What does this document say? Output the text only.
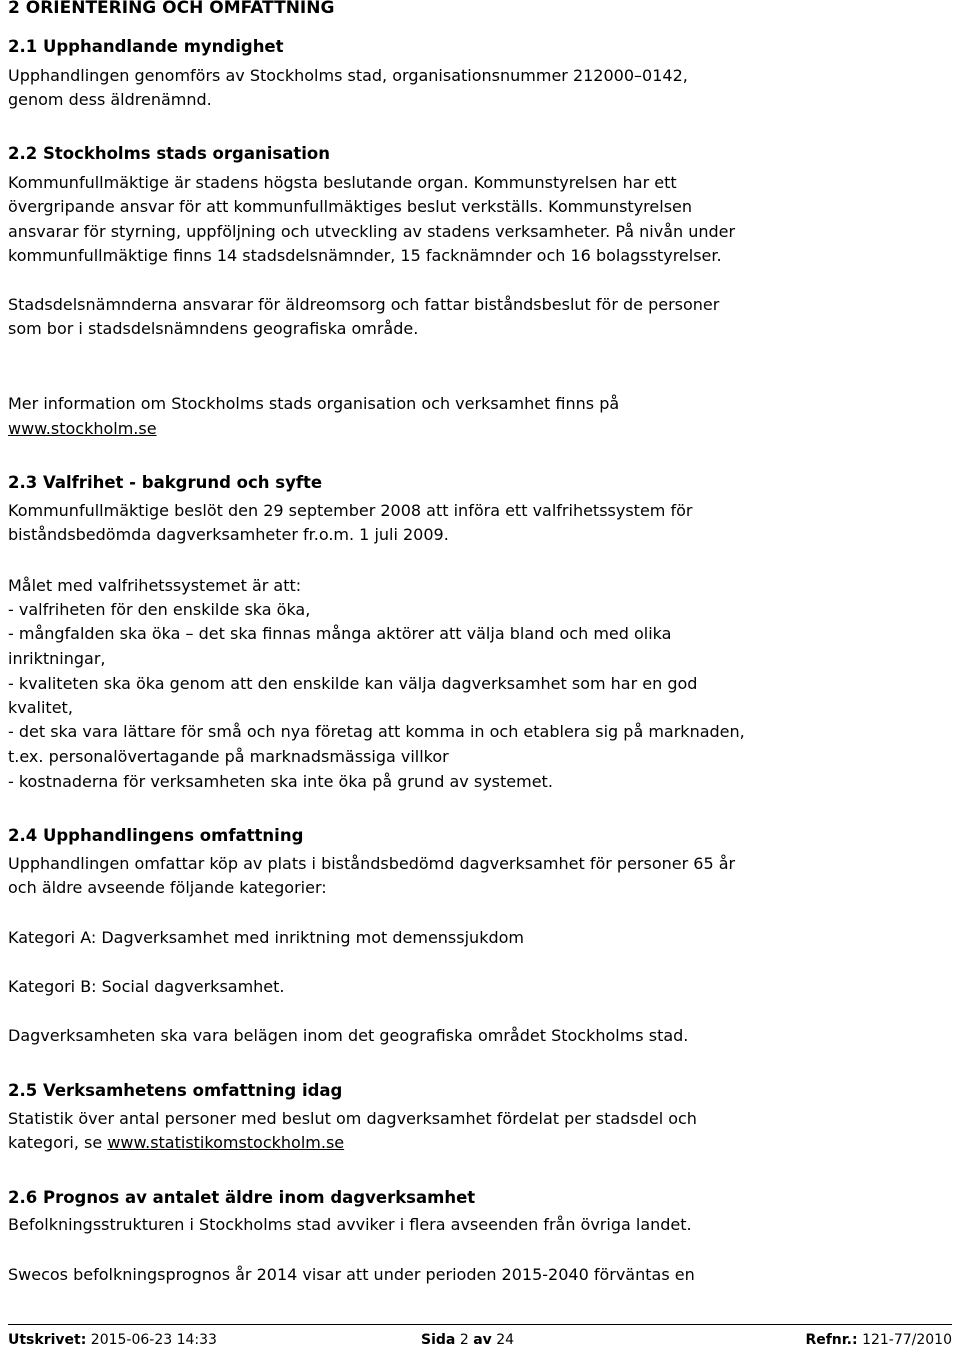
2 ORIENTERING OCH OMFATTNING
2.1 Upphandlande myndighet
Upphandlingen genomförs av Stockholms stad, organisationsnummer 212000–0142,
genom dess äldrenämnd.
2.2 Stockholms stads organisation
Kommunfullmäktige är stadens högsta beslutande organ. Kommunstyrelsen har ett
övergripande ansvar för att kommunfullmäktiges beslut verkställs. Kommunstyrelsen
ansvarar för styrning, uppföljning och utveckling av stadens verksamheter. På nivån under
kommunfullmäktige finns 14 stadsdelsnämnder, 15 facknämnder och 16 bolagsstyrelser.
Stadsdelsnämnderna ansvarar för äldreomsorg och fattar biståndsbeslut för de personer
som bor i stadsdelsnämndens geografiska område.
Mer information om Stockholms stads organisation och verksamhet finns på
www.stockholm.se
2.3 Valfrihet - bakgrund och syfte
Kommunfullmäktige beslöt den 29 september 2008 att införa ett valfrihetssystem för
biståndsbedömda dagverksamheter fr.o.m. 1 juli 2009.
Målet med valfrihetssystemet är att:
- valfriheten för den enskilde ska öka,
- mångfalden ska öka – det ska finnas många aktörer att välja bland och med olika
inriktningar,
- kvaliteten ska öka genom att den enskilde kan välja dagverksamhet som har en god
kvalitet,
- det ska vara lättare för små och nya företag att komma in och etablera sig på marknaden,
t.ex. personalövertagande på marknadsmässiga villkor
- kostnaderna för verksamheten ska inte öka på grund av systemet.
2.4 Upphandlingens omfattning
Upphandlingen omfattar köp av plats i biståndsbedömd dagverksamhet för personer 65 år
och äldre avseende följande kategorier:
Kategori A: Dagverksamhet med inriktning mot demenssjukdom
Kategori B: Social dagverksamhet.
Dagverksamheten ska vara belägen inom det geografiska området Stockholms stad.
2.5 Verksamhetens omfattning idag
Statistik över antal personer med beslut om dagverksamhet fördelat per stadsdel och
kategori, se www.statistikomstockholm.se
2.6 Prognos av antalet äldre inom dagverksamhet
Befolkningsstrukturen i Stockholms stad avviker i flera avseenden från övriga landet.
Swecos befolkningsprognos år 2014 visar att under perioden 2015-2040 förväntas en
Utskrivet: 2015-06-23 14:33	Sida 2 av 24	Refnr.: 121-77/2010
